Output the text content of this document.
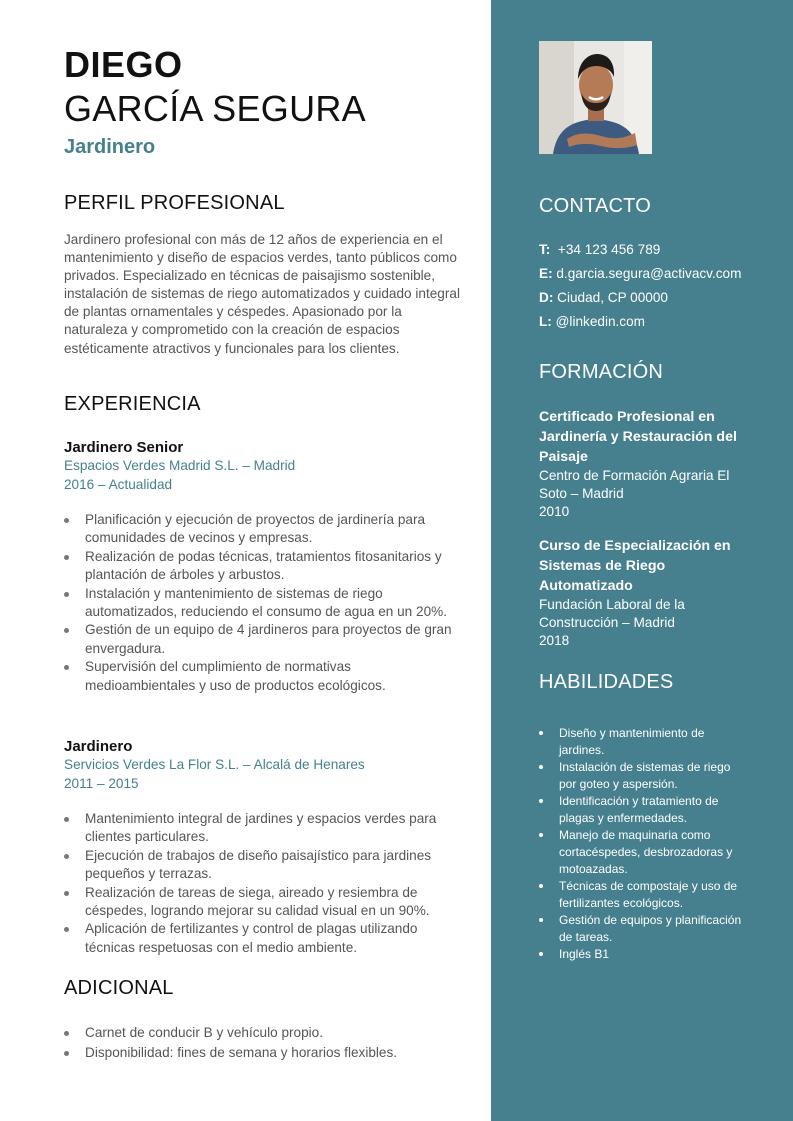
DIEGO
GARCÍA SEGURA
Jardinero
PERFIL PROFESIONAL
Jardinero profesional con más de 12 años de experiencia en el mantenimiento y diseño de espacios verdes, tanto públicos como privados. Especializado en técnicas de paisajismo sostenible, instalación de sistemas de riego automatizados y cuidado integral de plantas ornamentales y céspedes. Apasionado por la naturaleza y comprometido con la creación de espacios estéticamente atractivos y funcionales para los clientes.
EXPERIENCIA
Jardinero Senior
Espacios Verdes Madrid S.L. – Madrid
2016 – Actualidad
Planificación y ejecución de proyectos de jardinería para comunidades de vecinos y empresas.
Realización de podas técnicas, tratamientos fitosanitarios y plantación de árboles y arbustos.
Instalación y mantenimiento de sistemas de riego automatizados, reduciendo el consumo de agua en un 20%.
Gestión de un equipo de 4 jardineros para proyectos de gran envergadura.
Supervisión del cumplimiento de normativas medioambientales y uso de productos ecológicos.
Jardinero
Servicios Verdes La Flor S.L. – Alcalá de Henares
2011 – 2015
Mantenimiento integral de jardines y espacios verdes para clientes particulares.
Ejecución de trabajos de diseño paisajístico para jardines pequeños y terrazas.
Realización de tareas de siega, aireado y resiembra de céspedes, logrando mejorar su calidad visual en un 90%.
Aplicación de fertilizantes y control de plagas utilizando técnicas respetuosas con el medio ambiente.
ADICIONAL
Carnet de conducir B y vehículo propio.
Disponibilidad: fines de semana y horarios flexibles.
CONTACTO
T: +34 123 456 789
E: d.garcia.segura@activacv.com
D: Ciudad, CP 00000
L: @linkedin.com
FORMACIÓN
Certificado Profesional en Jardinería y Restauración del Paisaje
Centro de Formación Agraria El Soto – Madrid
2010
Curso de Especialización en Sistemas de Riego Automatizado
Fundación Laboral de la Construcción – Madrid
2018
HABILIDADES
Diseño y mantenimiento de jardines.
Instalación de sistemas de riego por goteo y aspersión.
Identificación y tratamiento de plagas y enfermedades.
Manejo de maquinaria como cortacéspedes, desbrozadoras y motoazadas.
Técnicas de compostaje y uso de fertilizantes ecológicos.
Gestión de equipos y planificación de tareas.
Inglés B1
